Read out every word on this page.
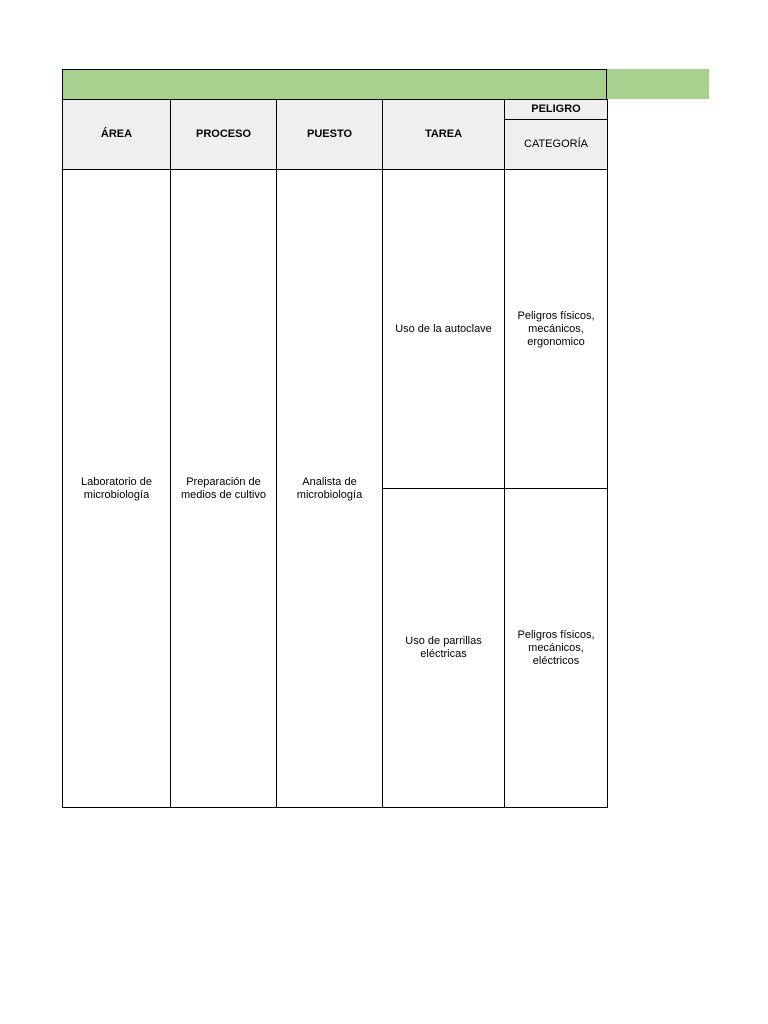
ÁREA	PROCESO	PUESTO	TAREA	PELIGRO
				CATEGORÍA
Laboratorio de microbiología	Preparación de medios de cultivo	Analista de microbiología	Uso de la autoclave	Peligros físicos, mecánicos, ergonomico
			Uso de parrillas eléctricas	Peligros físicos, mecánicos, eléctricos
